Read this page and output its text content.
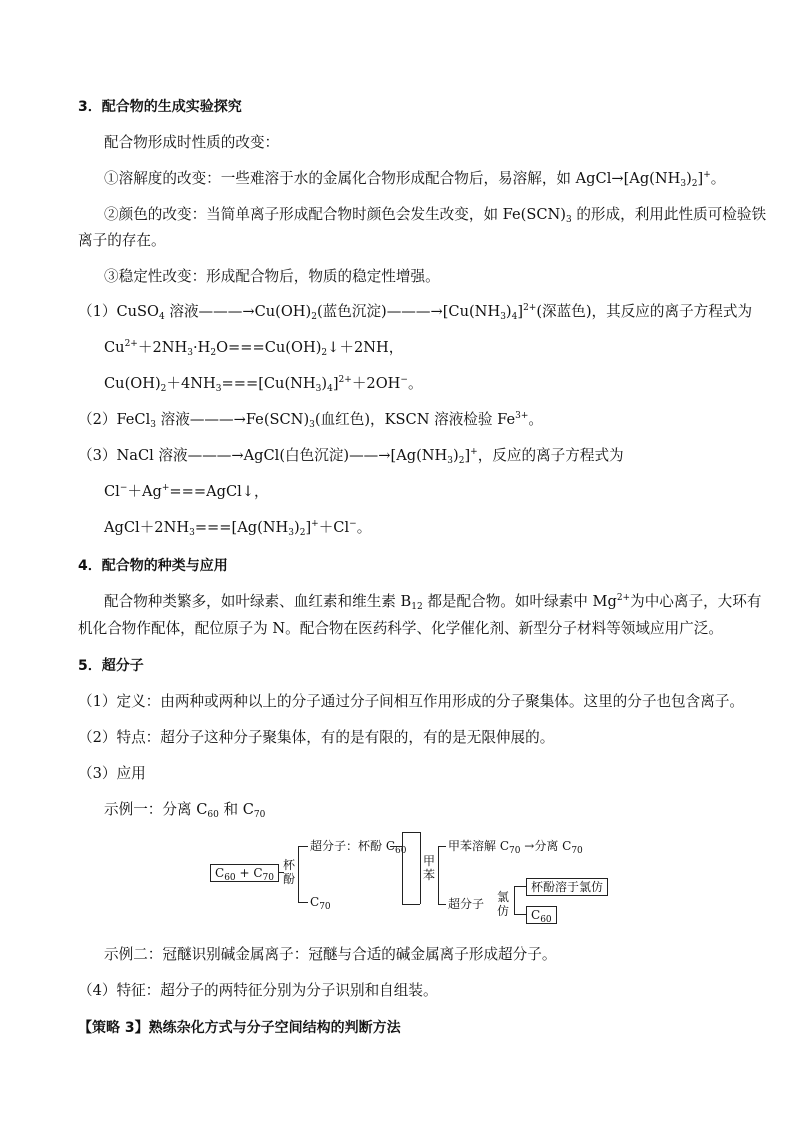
3．配合物的生成实验探究
配合物形成时性质的改变：
①溶解度的改变：一些难溶于水的金属化合物形成配合物后，易溶解，如 $AgCl\to[Ag(NH_3)_2]^+$。
②颜色的改变：当简单离子形成配合物时颜色会发生改变，如 $Fe(SCN)_3$ 的形成，利用此性质可检验铁
离子的存在。
③稳定性改变：形成配合物后，物质的稳定性增强。
（1）CuSO$_4$ 溶液$———\to Cu(OH)_2$(蓝色沉淀)$———\to[Cu(NH_3)_4]^{2+}$(深蓝色)，其反应的离子方程式为
$Cu^{2+}+2NH_3\cdot H_2O===Cu(OH)_2↓+2NH$，
$Cu(OH)_2+4NH_3===[Cu(NH_3)_4]^{2+}+2OH^-$。
（2）FeCl$_3$ 溶液$———\to Fe(SCN)_3$(血红色)，KSCN 溶液检验 $Fe^{3+}$。
（3）NaCl 溶液———→AgCl(白色沉淀)$——\to[Ag(NH_3)_2]^+$，反应的离子方程式为
Cl−＋Ag+===AgCl↓，
$AgCl+2NH_3===[Ag(NH_3)_2]^++Cl^-$。
4．配合物的种类与应用
配合物种类繁多，如叶绿素、血红素和维生素 $B_{12}$ 都是配合物。如叶绿素中 $Mg^{2+}$为中心离子，大环有
机化合物作配体，配位原子为 N。配合物在医药科学、化学催化剂、新型分子材料等领域应用广泛。
5．超分子
（1）定义：由两种或两种以上的分子通过分子间相互作用形成的分子聚集体。这里的分子也包含离子。
（2）特点：超分子这种分子聚集体，有的是有限的，有的是无限伸展的。
（3）应用
示例一：分离 $C_{60}$ 和 $C_{70}$
$C_{60} + C_{70}$
杯酚
超分子：杯酚 $C_{60}$
$C_{70}$
甲苯
甲苯溶解 $C_{70}$ →分离 $C_{70}$
超分子 氯仿
杯酚溶于氯仿
$C_{60}$
示例二：冠醚识别碱金属离子：冠醚与合适的碱金属离子形成超分子。
（4）特征：超分子的两特征分别为分子识别和自组装。
【策略 3】熟练杂化方式与分子空间结构的判断方法
